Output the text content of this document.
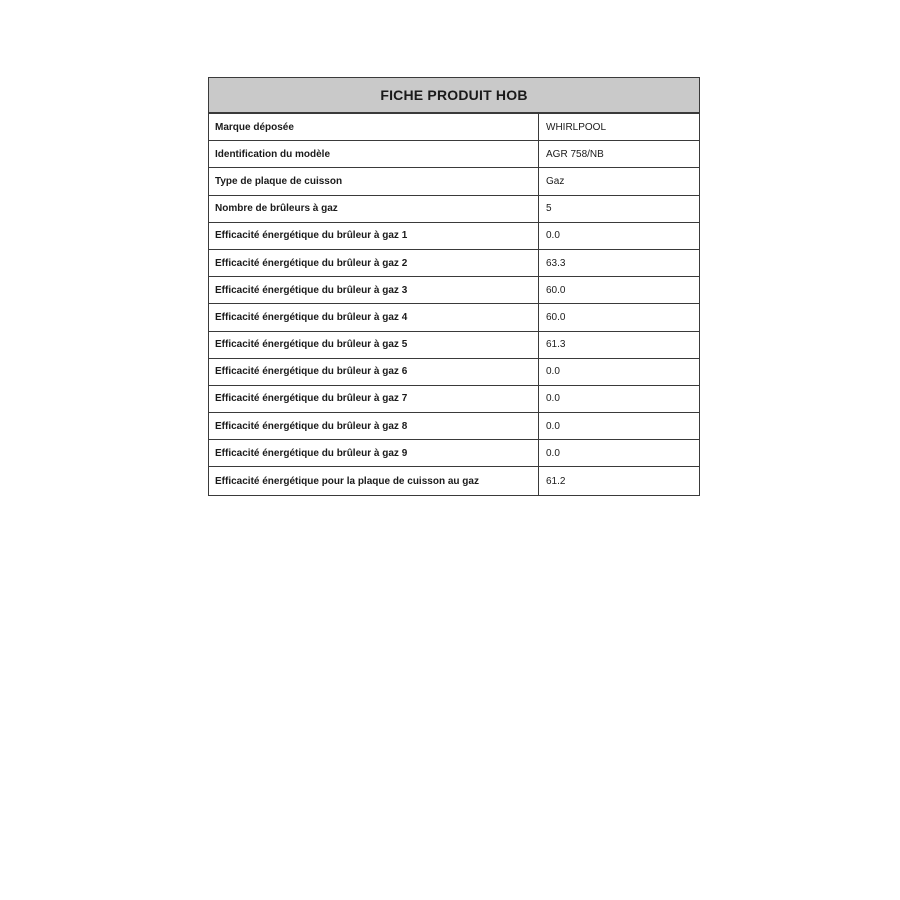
FICHE PRODUIT HOB
Marque déposée	WHIRLPOOL
Identification du modèle	AGR 758/NB
Type de plaque de cuisson	Gaz
Nombre de brûleurs à gaz	5
Efficacité énergétique du brûleur à gaz 1	0.0
Efficacité énergétique du brûleur à gaz 2	63.3
Efficacité énergétique du brûleur à gaz 3	60.0
Efficacité énergétique du brûleur à gaz 4	60.0
Efficacité énergétique du brûleur à gaz 5	61.3
Efficacité énergétique du brûleur à gaz 6	0.0
Efficacité énergétique du brûleur à gaz 7	0.0
Efficacité énergétique du brûleur à gaz 8	0.0
Efficacité énergétique du brûleur à gaz 9	0.0
Efficacité énergétique pour la plaque de cuisson au gaz	61.2
